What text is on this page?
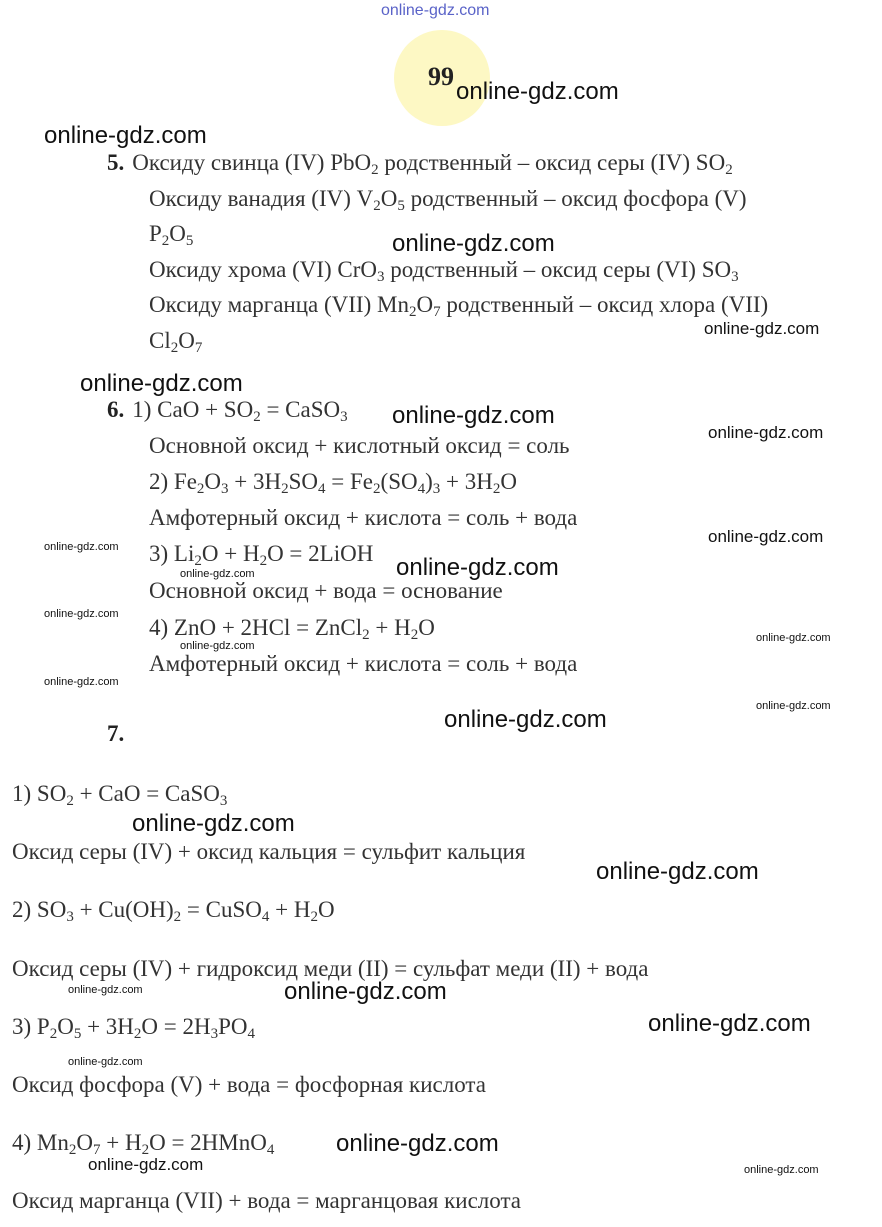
online-gdz.com
99
5. Оксиду свинца (IV) PbO$_2$ родственный – оксид серы (IV) $SO_2$
Оксиду ванадия (IV) $V_2O_5$ родственный – оксид фосфора (V)
$P_2O_5$
Оксиду хрома (VI) CrO$_3$ родственный – оксид серы (VI) $SO_3$
Оксиду марганца (VII) $Mn_2O_7$ родственный – оксид хлора (VII)
$Cl_2O_7$
6. 1) CaO + $SO_2$ = CaSO$_3$
Основной оксид + кислотный оксид = соль
2) $Fe_2O_3 + 3H_2SO_4 = Fe_2(SO_4)_3 + 3H_2O$
Амфотерный оксид + кислота = соль + вода
3) $Li_2O + H_2O$ = 2LiOH
Основной оксид + вода = основание
4) ZnO + 2HCl = ZnCl$_2$ + $H_2O$
Амфотерный оксид + кислота = соль + вода
7.
1) $SO_2$ + CaO = CaSO$_3$
Оксид серы (IV) + оксид кальция = сульфит кальция
2) $SO_3 + Cu(OH)_2$ = CuSO$_4$ + $H_2O$
Оксид серы (IV) + гидроксид меди (II) = сульфат меди (II) + вода
3) $P_2O_5 + 3H_2O = 2H_3PO_4$
Оксид фосфора (V) + вода = фосфорная кислота
4) $Mn_2O_7 + H_2O$ = 2HMnO$_4$
Оксид марганца (VII) + вода = марганцовая кислота
online-gdz.com
online-gdz.com
online-gdz.com
online-gdz.com
online-gdz.com
online-gdz.com
online-gdz.com
online-gdz.com
online-gdz.com
online-gdz.com
online-gdz.com
online-gdz.com
online-gdz.com
online-gdz.com
online-gdz.com
online-gdz.com
online-gdz.com
online-gdz.com
online-gdz.com
online-gdz.com
online-gdz.com
online-gdz.com
online-gdz.com
online-gdz.com
online-gdz.com	online-gdz.com
